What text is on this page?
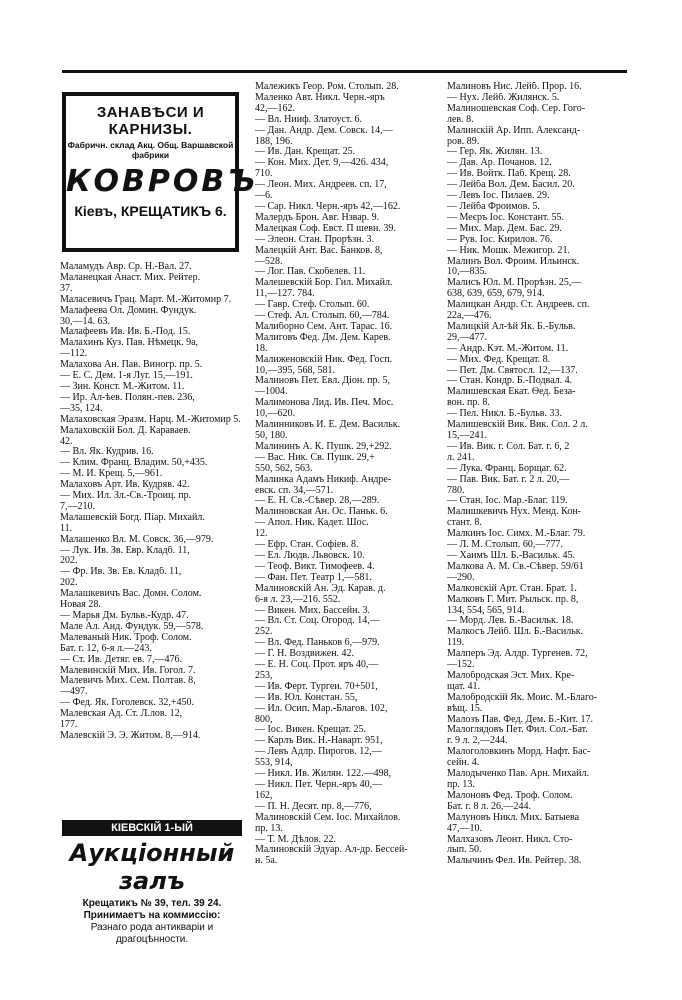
ЗАНАВѢСИ И КАРНИЗЫ.
Фабричн. склад Акц. Общ. Варшавской фабрики
КОВРОВЪ
Кіевъ, КРЕЩАТИКЪ 6.
Маламудъ Авр. Ср. Н.-Вал. 27.
Маланецкая Анаст. Мих. Рейтер.
37.
Маласевичъ Грац. Март. М.-Житомир 7.
Малафеева Ол. Домин. Фундук.
30,—14. 63.
Малафеевъ Ив. Ив. Б.-Под. 15.
Малахинъ Куз. Пав. Нѣмецк. 9а,
—112.
Малахова Ан. Пав. Виногр. пр. 5.
— Е. С. Дем. 1-я Луг. 15,—191.
— Зин. Конст. М.-Житом. 11.
— Ир. Ал-ѣев. Полян.-пев. 236,
—35, 124.
Малаховская Эразм. Нарц. М.-Житомир 5.
Малаховскій Бол. Д. Караваев.
42.
— Вл. Як. Кудрив. 16.
— Клим. Франц. Владим. 50,+435.
— М. И. Крещ. 5,—961.
Малаховъ Арт. Ив. Кудряв. 42.
— Мих. Ил. Зл.-Св.-Троиц. пр.
7,—210.
Малашевскій Богд. Піар. Михайл.
11.
Малашенко Вл. М. Совск. 36,—979.
— Лук. Ив. Зв. Евр. Кладб. 11,
202.
— Фр. Ив. Зв. Ев. Кладб. 11,
202.
Малашкевичъ Вас. Домн. Солом.
Новая 28.
— Марья Дм. Бульв.-Кудр. 47.
Мале Ал. Анд. Фундук. 59,—578.
Малеваный Ник. Троф. Солом.
Бат. г. 12, 6-я л.—243.
— Ст. Ив. Детяг. ев. 7,—476.
Малевинскій Мих. Ив. Гогол. 7.
Малевичъ Мих. Сем. Полтав. 8,
—497.
— Фед. Як. Гоголевск. 32,+450.
Малевская Ад. Ст. Л.лов. 12,
177.
Малевскій Э. Э. Житом. 8,—914.
Малежикъ Геор. Ром. Столып. 28.
Маленко Авт. Никл. Черн.-яръ
42,—162.
— Вл. Нииф. Златоуст. 6.
— Дан. Андр. Дем. Совск. 14,—
188, 196.
— Ив. Дан. Крещат. 25.
— Кон. Мих. Дет. 9,—426. 434,
710.
— Леон. Мих. Андреев. сп. 17,
—6.
— Сар. Никл. Черн.-яръ 42,—162.
Малердъ Брон. Авг. Нзвар. 9.
Малецкая Соф. Евст. П шевн. 39.
— Элеон. Стан. Прорѣзн. 3.
Малецкій Ант. Вас. Банков. 8,
—528.
— Лог. Пав. Скобелев. 11.
Малешевскій Бор. Гил. Михайл.
11,—127. 784.
— Гавр. Стеф. Столып. 60.
— Стеф. Ал. Столып. 60,—784.
Малиборно Сем. Ант. Тарас. 16.
Малиговъ Фед. Дм. Дем. Карев.
18.
Малиженовскій Ник. Фед. Госп.
10,—395, 568, 581.
Малиновъ Пет. Евл. Діон. пр. 5,
—1004.
Малимонова Лид. Ив. Печ. Мос.
10,—620.
Малинниковъ И. Е. Дем. Васильк.
50, 180.
Малининъ А. К. Пушк. 29,+292.
— Вас. Ник. Св. Пушк. 29,+
550, 562, 563.
Малинка Адамъ Никиф. Андре-
евск. сп. 34,—571.
— Е. Н. Св.-Сѣвер. 28,—289.
Малиновская Ан. Ос. Паньк. 6.
— Апол. Ник. Кадет. Шос.
12.
— Ефр. Стан. Софіев. 8.
— Ел. Людв. Львовск. 10.
— Теоф. Викт. Тимофеев. 4.
— Фан. Пет. Театр 1,—581.
Малиновскій Ан. Эд. Карав. д.
6-я л. 23,—216. 552.
— Викен. Мих. Бассейн. 3.
— Вл. Ст. Соц. Огород. 14,—
252.
— Вл. Фед. Паньков 6,—979.
— Г. Н. Воздвижен. 42.
— Е. Н. Соц. Прот. яръ 40,—
253,
— Ив. Ферт. Тургеи. 70+501,
— Ив. Юл. Констан. 55,
— Ил. Осип. Мар.-Благов. 102,
800,
— Іос. Викен. Крещат. 25.
— Карлъ Вик. Н.-Наварт. 951,
— Левъ Адлр. Пирогов. 12,—
553, 914,
— Никл. Ив. Жилян. 122.—498,
— Никл. Пет. Черн.-яръ 40,—
162,
— П. Н. Десят. пр. 8,—776,
Малиновскій Сем. Іос. Михайлов.
пр. 13.
— Т. М. Дѣлов. 22.
Малиновскій Эдуар. Ал-др. Бессей-
н. 5а.
Малиновъ Нис. Лейб. Прор. 16.
— Нух. Лейб. Жилянск. 5.
Малиношевская Соф. Сер. Гого-
лев. 8.
Малинскій Ар. Ипп. Александ-
ров. 89.
— Гер. Як. Жилян. 13.
— Дав. Ар. Почанов. 12.
— Ив. Войтк. Паб. Крещ. 28.
— Лейба Вол. Дем. Басил. 20.
— Левъ Іос. Пилаев. 29.
— Лейба Фроимов. 5.
— Меєръ Іос. Констант. 55.
— Мих. Мар. Дем. Бас. 29.
— Рув. Іос. Кирилов. 76.
— Ник. Мошк. Межигор. 21.
Малинъ Вол. Фроим. Ильинск.
10,—835.
Малисъ Юл. М. Прорѣзн. 25,—
638, 639, 659, 679, 914.
Малицкан Андр. Ст. Андреев. сп.
22а,—476.
Малицкій Ал-ѣй Як. Б.-Бульв.
29,—477.
— Андр. Кэт. М.-Житом. 11.
— Мих. Фед. Крещат. 8.
— Пет. Дм. Святосл. 12,—137.
— Стан. Кондр. Б.-Подвал. 4.
Малишевская Екат. Ѳед. Беза-
вон. пр. 8.
— Пел. Никл. Б.-Бульв. 33.
Малишевскій Вик. Вик. Сол. 2 л.
15,—241.
— Ив. Вик. г. Сол. Бат. г. 6, 2
л. 241.
— Лука. Франц. Борщаг. 62.
— Пав. Вик. Бат. г. 2 л. 20,—
780.
— Стан. Іос. Мар.-Благ. 119.
Малишкевичъ Нух. Менд. Кон-
стант. 8.
Малкинъ Іос. Симх. М.-Благ. 79.
— Л. М. Столып. 60,—777.
— Хаимъ Шл. Б.-Васильк. 45.
Малкова А. М. Св.-Сѣвер. 59/61
—290.
Малковскій Арт. Стан. Брат. 1.
Малковъ Г. Мит. Рыльск. пр. 8,
134, 554, 565, 914.
— Морд. Лев. Б.-Васильк. 18.
Малкосъ Лейб. Шл. Б.-Васильк.
119.
Малперъ Эд. Алдр. Тургенев. 72,
—152.
Малобродская Эст. Мих. Кре-
щат. 41.
Малобродскій Як. Моис. М.-Благо-
вѣщ. 15.
Малозъ Пав. Фед. Дем. Б.-Кит. 17.
Малоглядовъ Пет. Фил. Сол.-Бат.
г. 9 л. 2,—244.
Малоголовкинъ Морд. Нафт. Бас-
сейн. 4.
Малодыченко Пав. Арн. Михайл.
пр. 13.
Малоновъ Фед. Троф. Солом.
Бат. г. 8 л. 26,—244.
Малуновъ Никл. Мих. Батыева
47,—10.
Малхазовъ Леонт. Никл. Сто-
лып. 50.
Малычинъ Фел. Ив. Рейтер. 38.
КІЕВСКІЙ 1-ЫЙ
Аукціонный залъ
Крещатикъ № 39, тел. 39 24.
Принимаетъ на коммиссію:
Разнаго рода антикваріи и драгоцѣнности.
